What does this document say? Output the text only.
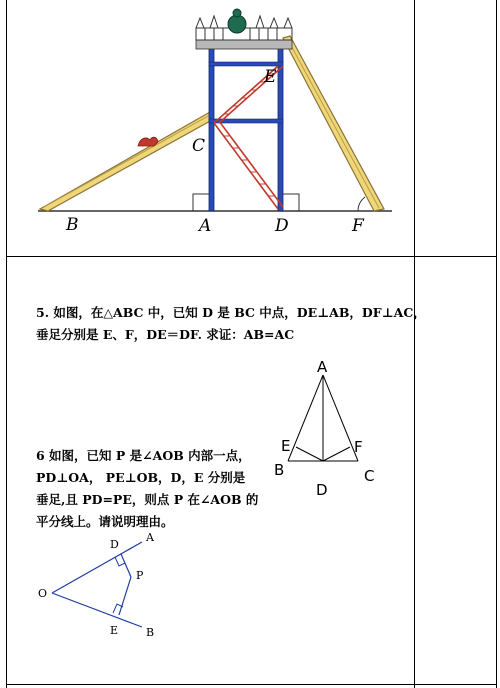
B	A	D	F
C
E

5. 如图，在△ABC 中，已知 D 是 BC 中点，DE⊥AB，DF⊥AC，

垂足分别是 E、F，DE＝DF. 求证：AB=AC

A
B	C
D
E	F

6 如图，已知 P 是∠AOB 内部一点，

PD⊥OA， PE⊥OB，D，E 分别是

垂足,且 PD=PE，则点 P 在∠AOB 的

平分线上。请说明理由。

O
A
B
D
E
P
